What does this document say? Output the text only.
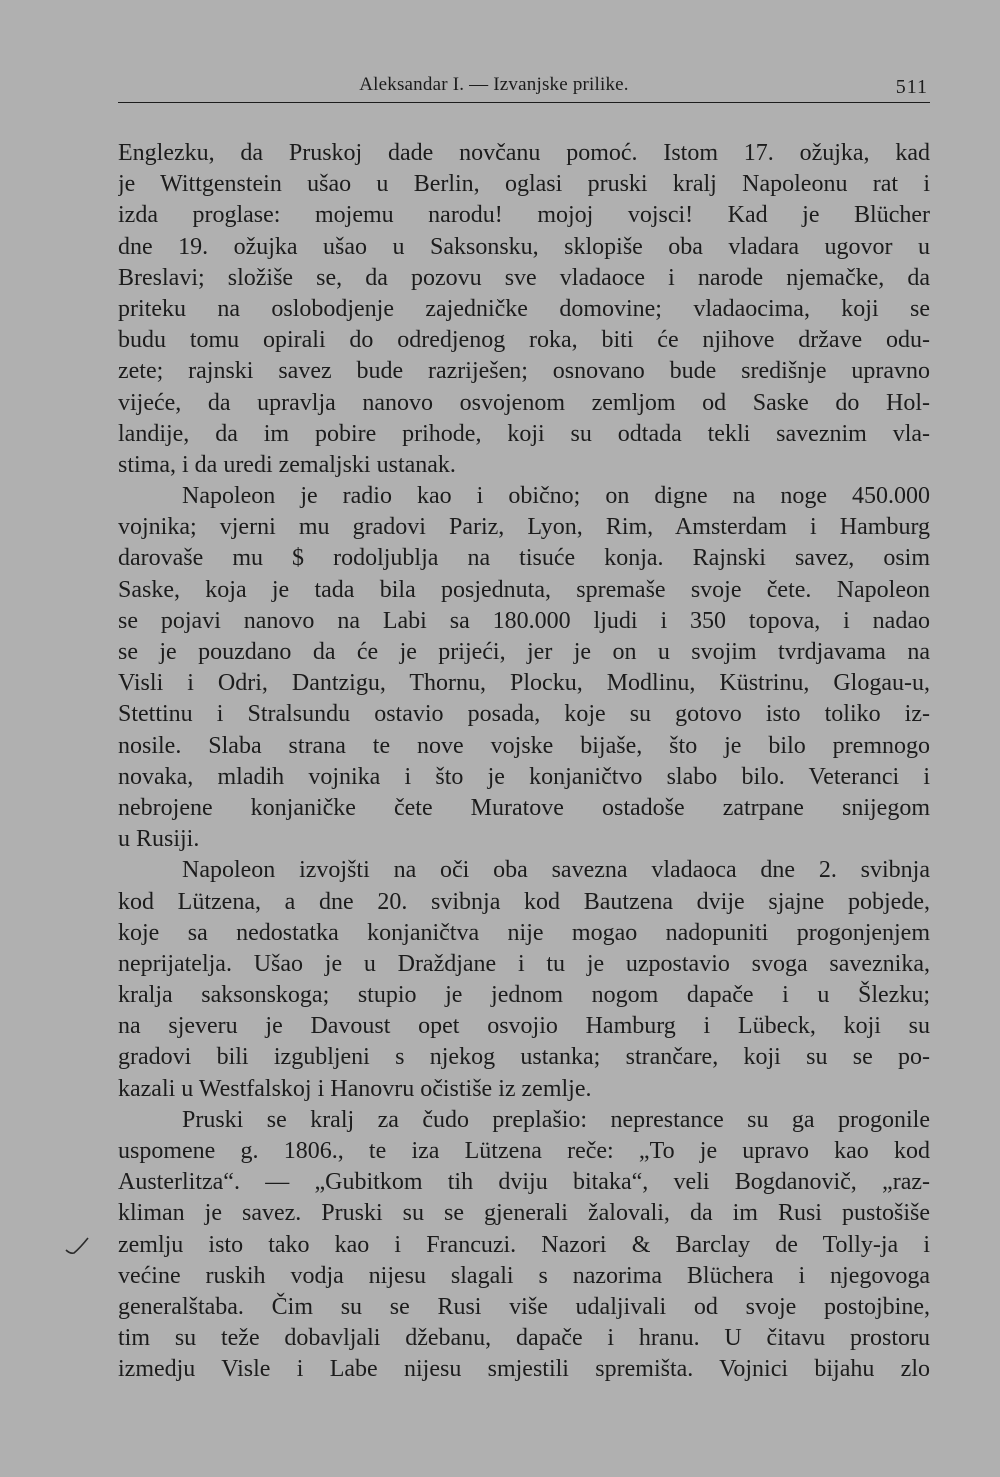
Aleksandar I. — Izvanjske prilike.	511
Englezku, da Pruskoj dade novčanu pomoć. Istom 17. ožujka, kad
je Wittgenstein ušao u Berlin, oglasi pruski kralj Napoleonu rat i
izda proglase: mojemu narodu! mojoj vojsci! Kad je Blücher
dne 19. ožujka ušao u Saksonsku, sklopiše oba vladara ugovor u
Breslavi; složiše se, da pozovu sve vladaoce i narode njemačke, da
priteku na oslobodjenje zajedničke domovine; vladaocima, koji se
budu tomu opirali do odredjenog roka, biti će njihove države odu-
zete; rajnski savez bude razriješen; osnovano bude središnje upravno
vijeće, da upravlja nanovo osvojenom zemljom od Saske do Hol-
landije, da im pobire prihode, koji su odtada tekli saveznim vla-
stima, i da uredi zemaljski ustanak.
Napoleon je radio kao i obično; on digne na noge 450.000
vojnika; vjerni mu gradovi Pariz, Lyon, Rim, Amsterdam i Hamburg
darovaše mu $ rodoljublja na tisuće konja. Rajnski savez, osim
Saske, koja je tada bila posjednuta, spremaše svoje čete. Napoleon
se pojavi nanovo na Labi sa 180.000 ljudi i 350 topova, i nadao
se je pouzdano da će je prijeći, jer je on u svojim tvrdjavama na
Visli i Odri, Dantzigu, Thornu, Plocku, Modlinu, Küstrinu, Glogau-u,
Stettinu i Stralsundu ostavio posada, koje su gotovo isto toliko iz-
nosile. Slaba strana te nove vojske bijaše, što je bilo premnogo
novaka, mladih vojnika i što je konjaničtvo slabo bilo. Veteranci i
nebrojene konjaničke čete Muratove ostadoše zatrpane snijegom
u Rusiji.
Napoleon izvojšti na oči oba savezna vladaoca dne 2. svibnja
kod Lützena, a dne 20. svibnja kod Bautzena dvije sjajne pobjede,
koje sa nedostatka konjaničtva nije mogao nadopuniti progonjenjem
neprijatelja. Ušao je u Draždjane i tu je uzpostavio svoga saveznika,
kralja saksonskoga; stupio je jednom nogom dapače i u Šlezku;
na sjeveru je Davoust opet osvojio Hamburg i Lübeck, koji su
gradovi bili izgubljeni s njekog ustanka; strančare, koji su se po-
kazali u Westfalskoj i Hanovru očistiše iz zemlje.
Pruski se kralj za čudo preplašio: neprestance su ga progonile
uspomene g. 1806., te iza Lützena reče: „To je upravo kao kod
Austerlitza“. — „Gubitkom tih dviju bitaka“, veli Bogdanovič, „raz-
kliman je savez. Pruski su se gjenerali žalovali, da im Rusi pustošiše
zemlju isto tako kao i Francuzi. Nazori & Barclay de Tolly-ja i
većine ruskih vodja nijesu slagali s nazorima Blüchera i njegovoga
generalštaba. Čim su se Rusi više udaljivali od svoje postojbine,
tim su teže dobavljali džebanu, dapače i hranu. U čitavu prostoru
izmedju Visle i Labe nijesu smjestili spremišta. Vojnici bijahu zlo
